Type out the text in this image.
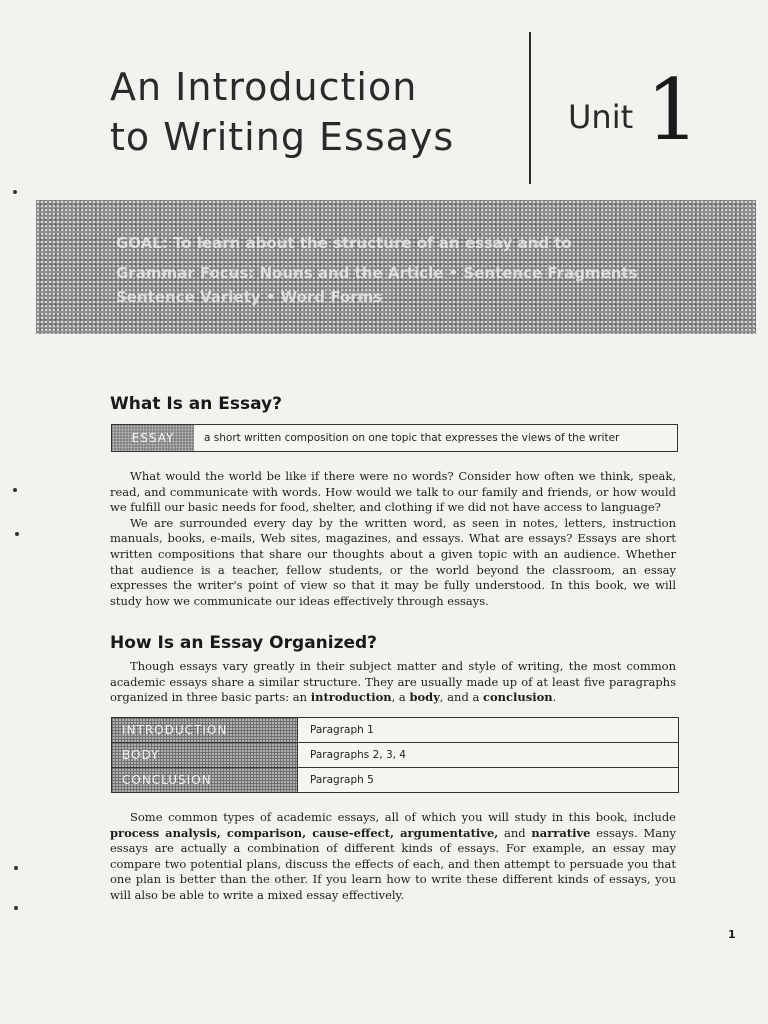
An Introduction
to Writing Essays	Unit 1
GOAL: To learn about the structure of an essay and to
Grammar Focus: Nouns and the Article • Sentence Fragments
Sentence Variety • Word Forms
What Is an Essay?
ESSAY	a short written composition on one topic that expresses the views of the writer

What would the world be like if there were no words? Consider how often we think, speak, read, and communicate with words. How would we talk to our family and friends, or how would we fulfill our basic needs for food, shelter, and clothing if we did not have access to language?

We are surrounded every day by the written word, as seen in notes, letters, instruction manuals, books, e-mails, Web sites, magazines, and essays. What are essays? Essays are short written compositions that share our thoughts about a given topic with an audience. Whether that audience is a teacher, fellow students, or the world beyond the classroom, an essay expresses the writer's point of view so that it may be fully understood. In this book, we will study how we communicate our ideas effectively through essays.

How Is an Essay Organized?

Though essays vary greatly in their subject matter and style of writing, the most common academic essays share a similar structure. They are usually made up of at least five paragraphs organized in three basic parts: an introduction, a body, and a conclusion.

INTRODUCTION	Paragraph 1
BODY	Paragraphs 2, 3, 4
CONCLUSION	Paragraph 5

Some common types of academic essays, all of which you will study in this book, include process analysis, comparison, cause-effect, argumentative, and narrative essays. Many essays are actually a combination of different kinds of essays. For example, an essay may compare two potential plans, discuss the effects of each, and then attempt to persuade you that one plan is better than the other. If you learn how to write these different kinds of essays, you will also be able to write a mixed essay effectively.

1
